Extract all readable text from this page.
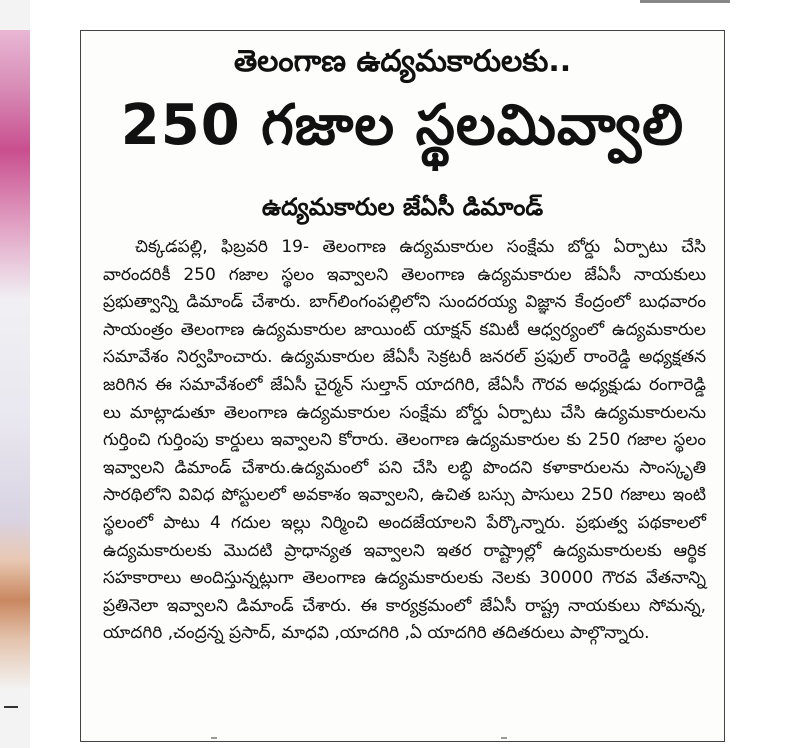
తెలంగాణ ఉద్యమకారులకు..
250 గజాల స్థలమివ్వాలి
ఉద్యమకారుల జేఏసీ డిమాండ్

చిక్కడపల్లి, ఫిబ్రవరి 19- తెలంగాణ ఉద్యమకారుల సంక్షేమ బోర్డు ఏర్పాటు చేసి వారందరికీ 250 గజాల స్థలం ఇవ్వాలని తెలంగాణ ఉద్యమకారుల జేఏసీ నాయకులు ప్రభుత్వాన్ని డిమాండ్ చేశారు. బాగ్‌లింగంపల్లిలోని సుందరయ్య విజ్ఞాన కేంద్రంలో బుధవారం సాయంత్రం తెలంగాణ ఉద్యమకారుల జాయింట్ యాక్షన్ కమిటీ ఆధ్వర్యంలో ఉద్యమకారుల సమావేశం నిర్వహించారు. ఉద్యమకారుల జేఏసీ సెక్రటరీ జనరల్ ప్రఫుల్ రాంరెడ్డి అధ్యక్షతన జరిగిన ఈ సమావేశంలో జేఏసీ చైర్మన్ సుల్తాన్ యాదగిరి, జేఏసీ గౌరవ అధ్యక్షుడు రంగారెడ్డి లు మాట్లాడుతూ తెలంగాణ ఉద్యమకారుల సంక్షేమ బోర్డు ఏర్పాటు చేసి ఉద్యమకారులను గుర్తించి గుర్తింపు కార్డులు ఇవ్వాలని కోరారు. తెలంగాణ ఉద్యమకారుల కు 250 గజాల స్థలం ఇవ్వాలని డిమాండ్ చేశారు.ఉద్యమంలో పని చేసి లబ్ధి పొందని కళాకారులను సాంస్కృతి సారథిలోని వివిధ పోస్టులలో అవకాశం ఇవ్వాలని, ఉచిత బస్సు పాసులు 250 గజాలు ఇంటి స్థలంలో పాటు 4 గదుల ఇల్లు నిర్మించి అందజేయాలని పేర్కొన్నారు. ప్రభుత్వ పథకాలలో ఉద్యమకారులకు మొదటి ప్రాధాన్యత ఇవ్వాలని ఇతర రాష్ట్రాల్లో ఉద్యమకారులకు ఆర్థిక సహకారాలు అందిస్తున్నట్లుగా తెలంగాణ ఉద్యమకారులకు నెలకు 30000 గౌరవ వేతనాన్ని ప్రతినెలా ఇవ్వాలని డిమాండ్ చేశారు. ఈ కార్యక్రమంలో జేఏసీ రాష్ట్ర నాయకులు సోమన్న, యాదగిరి ,చంద్రన్న ప్రసాద్, మాధవి ,యాదగిరి ,ఏ యాదగిరి తదితరులు పాల్గొన్నారు.
